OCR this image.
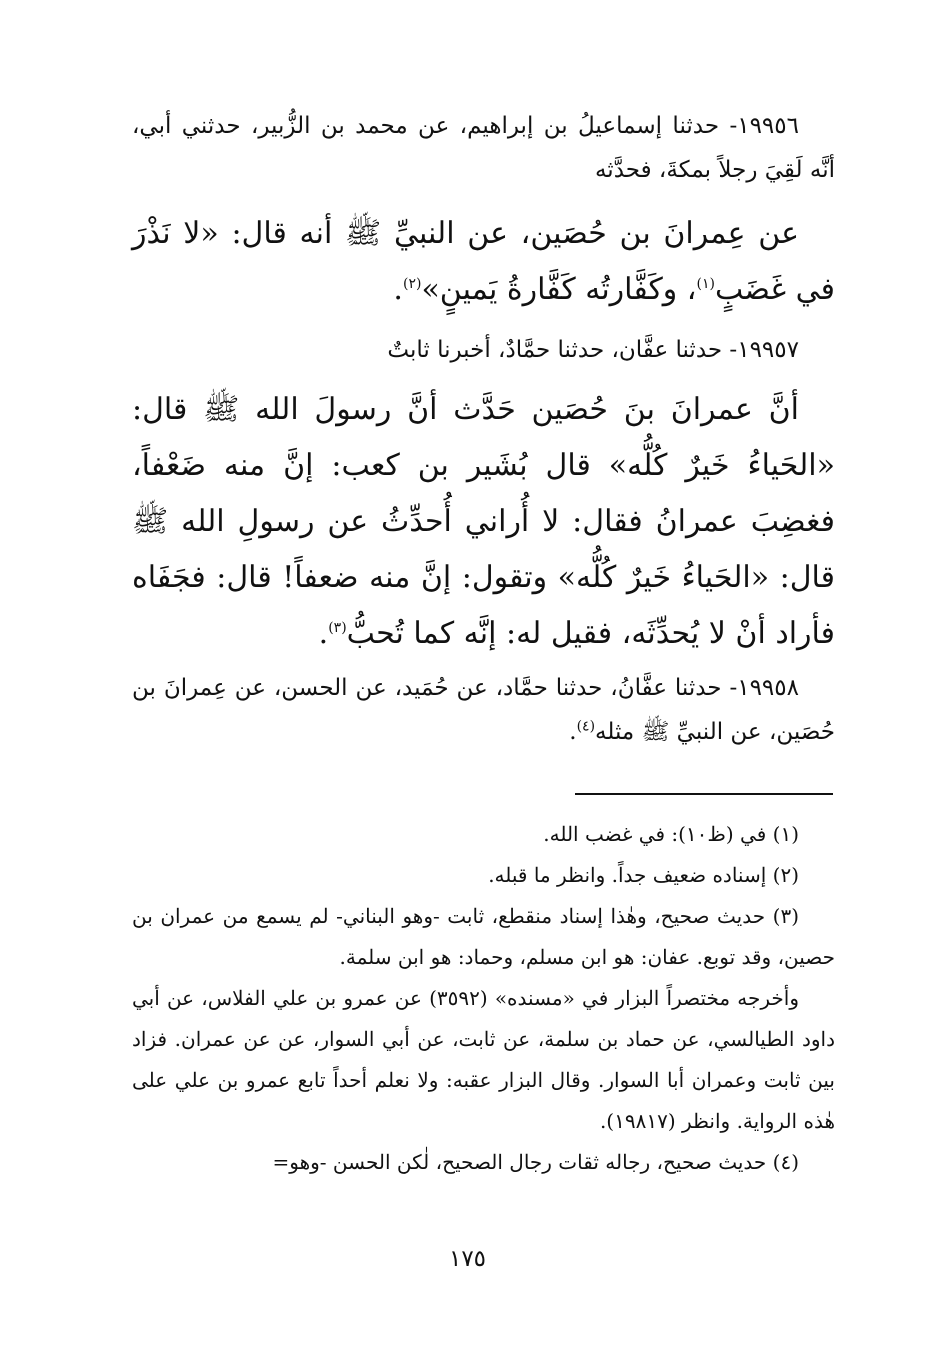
١٩٩٥٦- حدثنا إسماعيلُ بن إبراهيم، عن محمد بن الزُّبير، حدثني أبي، أنَّه لَقِيَ رجلاً بمكةَ، فحدَّثه

عن عِمرانَ بن حُصَين، عن النبيِّ ﷺ أنه قال: «لا نَذْرَ في غَضَبٍ$^{(١)}$، وكَفَّارتُه كَفَّارةُ يَمينٍ»$^{(٢)}$.

١٩٩٥٧- حدثنا عفَّان، حدثنا حمَّادٌ، أخبرنا ثابتٌ

أنَّ عمرانَ بنَ حُصَين حَدَّث أنَّ رسولَ الله ﷺ قال: «الحَياءُ خَيرٌ كُلُّه» قال بُشَير بن كعب: إنَّ منه ضَعْفاً، فغضِبَ عمرانُ فقال: لا أُراني أُحدِّثُ عن رسولِ الله ﷺ قال: «الحَياءُ خَيرٌ كُلُّه» وتقول: إنَّ منه ضعفاً! قال: فجَفَاه فأراد أنْ لا يُحدِّثَه، فقيل له: إنَّه كما تُحبُّ$^{(٣)}$.

١٩٩٥٨- حدثنا عفَّانُ، حدثنا حمَّاد، عن حُمَيد، عن الحسن، عن عِمرانَ بن حُصَين، عن النبيِّ ﷺ مثله$^{(٤)}$.

(١) في (ظ١٠): في غضب الله.

(٢) إسناده ضعيف جداً. وانظر ما قبله.

(٣) حديث صحيح، وهٰذا إسناد منقطع، ثابت -وهو البناني- لم يسمع من عمران بن حصين، وقد توبع. عفان: هو ابن مسلم، وحماد: هو ابن سلمة.

وأخرجه مختصراً البزار في «مسنده» (٣٥٩٢) عن عمرو بن علي الفلاس، عن أبي داود الطيالسي، عن حماد بن سلمة، عن ثابت، عن أبي السوار، عن عن عمران. فزاد بين ثابت وعمران أبا السوار. وقال البزار عقبه: ولا نعلم أحداً تابع عمرو بن علي على هٰذه الرواية. وانظر (١٩٨١٧).

(٤) حديث صحيح، رجاله ثقات رجال الصحيح، لٰكن الحسن -وهو=

١٧٥
